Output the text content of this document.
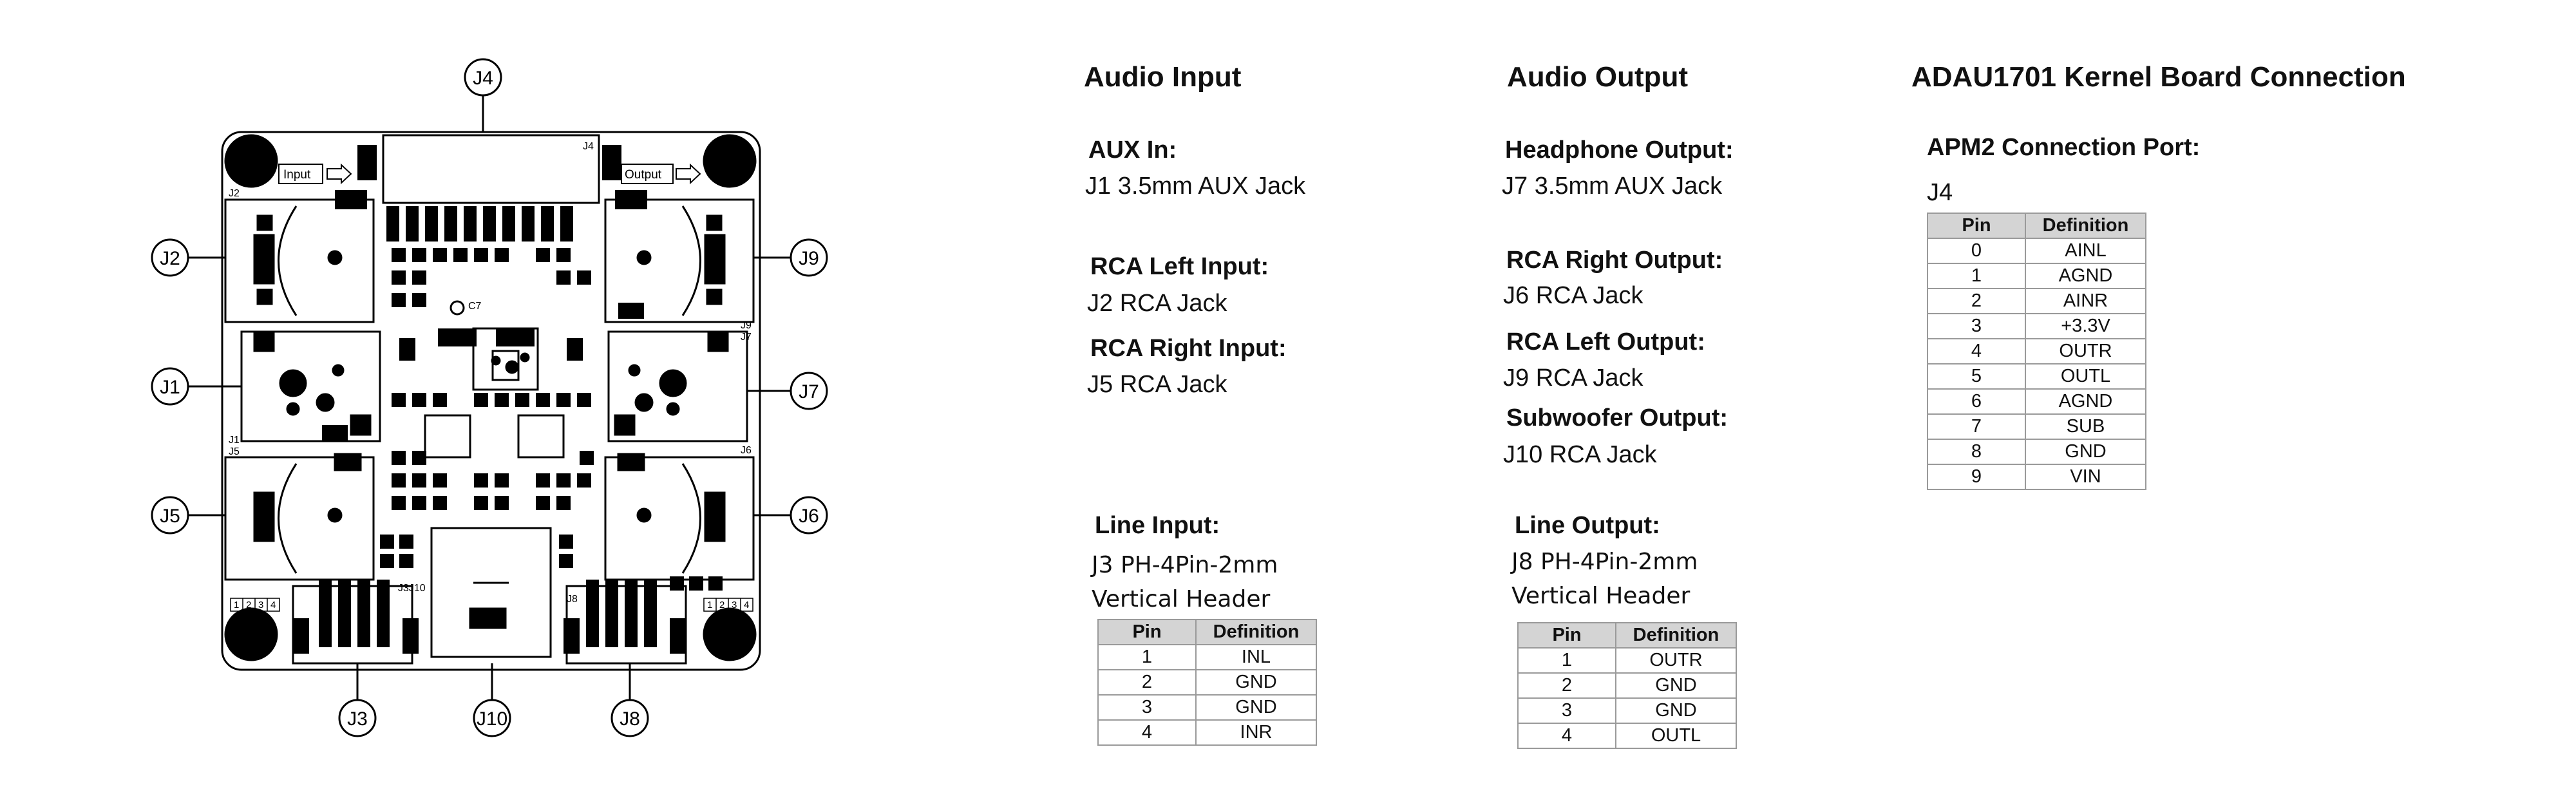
J4
J2	J9
J1	J7
J5	J6
J3	J10	J8
Input	Output
J4
J2
J1
J5
J9
J7
J6
C7
J3J10
J8
1 2 3 4	1 2 3 4
Audio Input
AUX In:
J1 3.5mm AUX Jack
RCA Left Input:
J2 RCA Jack
RCA Right Input:
J5 RCA Jack
Line Input:
J3 PH-4Pin-2mm
Vertical Header
Pin	Definition
1	INL
2	GND
3	GND
4	INR
Audio Output
Headphone Output:
J7 3.5mm AUX Jack
RCA Right Output:
J6 RCA Jack
RCA Left Output:
J9 RCA Jack
Subwoofer Output:
J10 RCA Jack
Line Output:
J8 PH-4Pin-2mm
Vertical Header
Pin	Definition
1	OUTR
2	GND
3	GND
4	OUTL
ADAU1701 Kernel Board Connection
APM2 Connection Port:
J4
Pin	Definition
0	AINL
1	AGND
2	AINR
3	+3.3V
4	OUTR
5	OUTL
6	AGND
7	SUB
8	GND
9	VIN
